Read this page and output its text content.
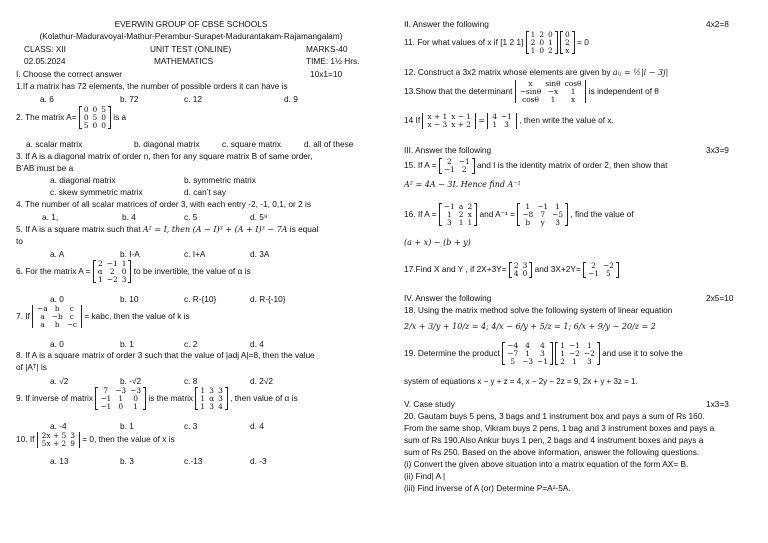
EVERWIN GROUP OF CBSE SCHOOLS
(Kolathur-Maduravoyal-Mathur-Perambur-Surapet-Madurantakam-Rajamangalam)
CLASS: XII	UNIT TEST (ONLINE)	MARKS-40
02.05.2024	MATHEMATICS	TIME: 1½ Hrs.
I. Choose the correct answer	10x1=10
1.If a matrix has 72 elements, the number of possible orders it can have is
a. 6	b. 72	c. 12	d. 9
2. The matrix A=
0	0	5
0	5	0
5	0	0
is a
a. scalar matrix	b. diagonal matrix	c. square matrix	d. all of these
3. If A is a diagonal matrix of order n, then for any square matrix B of same order,
B’AB must be a
a. diagonal matrix	b. symmetric matrix
c. skew symmetric matrix	d. can’t say
4. The number of all scalar matrices of order 3, with each entry -2, -1, 0,1, or 2 is
a. 1,	b. 4	c. 5	d. 5⁹
5. If A is a square matrix such that A² = I, then (A − I)³ + (A + I)³ − 7A is equal
to
a. A	b. I-A	c. I+A	d. 3A
6. For the matrix A =
2	−1	1
α	2	0
1	−2	3
to be invertible, the value of α is
a. 0	b. 10	c. R-{10}	d. R-{-10}
7. If
−a	b	c
a	−b	c
a	b	−c
= kabc, then the value of k is
a. 0	b. 1	c. 2	d. 4
8. If A is a square matrix of order 3 such that the value of |adj A|=8, then the value
of |Aᵀ| is
a. √2	b. -√2	c. 8	d. 2√2
9. If inverse of matrix
7	−3	−3
−1	1	0
−1	0	1
is the matrix
1	3	3
1	α	3
1	3	4
, then value of α is
a. -4	b. 1	c. 3	d. 4
10. If 2x + 5	3
5x + 2	9 = 0, then the value of x is
a. 13	b. 3	c.-13	d. -3
II. Answer the following	4x2=8
11. For what values of x if [1 2 1]
1	2	0
2	0	1
1	0	2

0
2
x
= 0
12. Construct a 3x2 matrix whose elements are given by aᵢⱼ = ½|i − 3j|
13.Show that the determinant
x	sinθ	cosθ
−sinθ	−x	1
cosθ	1	x
is independent of θ
14 If x + 1	x − 1
x − 3	x + 2 = 4	−1
1	3 , then write the value of x.
III. Answer the following	3x3=9
15. If A = 2	−1
−1	2 and I is the identity matrix of order 2, then show that
A² = 4A − 3I. Hence find A⁻¹
16. If A =
−1	a	2
1	2	x
3	1	1
and A⁻¹ =
1	−1	1
−8	7	−5
b	y	3
, find the value of
(a + x) − (b + y)
17.Find X and Y , if 2X+3Y= 2	3
4	0 and 3X+2Y= 2	−2
−1	5
IV. Answer the following	2x5=10
18. Using the matrix method solve the following system of linear equation
2/x + 3/y + 10/z = 4; 4/x − 6/y + 5/z = 1; 6/x + 9/y − 20/z = 2
19. Determine the product
−4	4	4
−7	1	3
5	−3	−1

1	−1	1
1	−2	−2
2	1	3
and use it to solve the
system of equations x − y + z = 4, x − 2y − 2z = 9, 2x + y + 3z = 1.
V. Case study	1x3=3
20. Gautam buys 5 pens, 3 bags and 1 instrument box and pays a sum of Rs 160.
From the same shop, Vikram buys 2 pens, 1 bag and 3 instrument boxes and pays a
sum of Rs 190.Also Ankur buys 1 pen, 2 bags and 4 instrument boxes and pays a
sum of Rs 250. Based on the above information, answer the following questions.
(i) Convert the given above situation into a matrix equation of the form AX= B.
(ii) Find| A |
(iii) Find inverse of A (or) Determine P=A²-5A.
